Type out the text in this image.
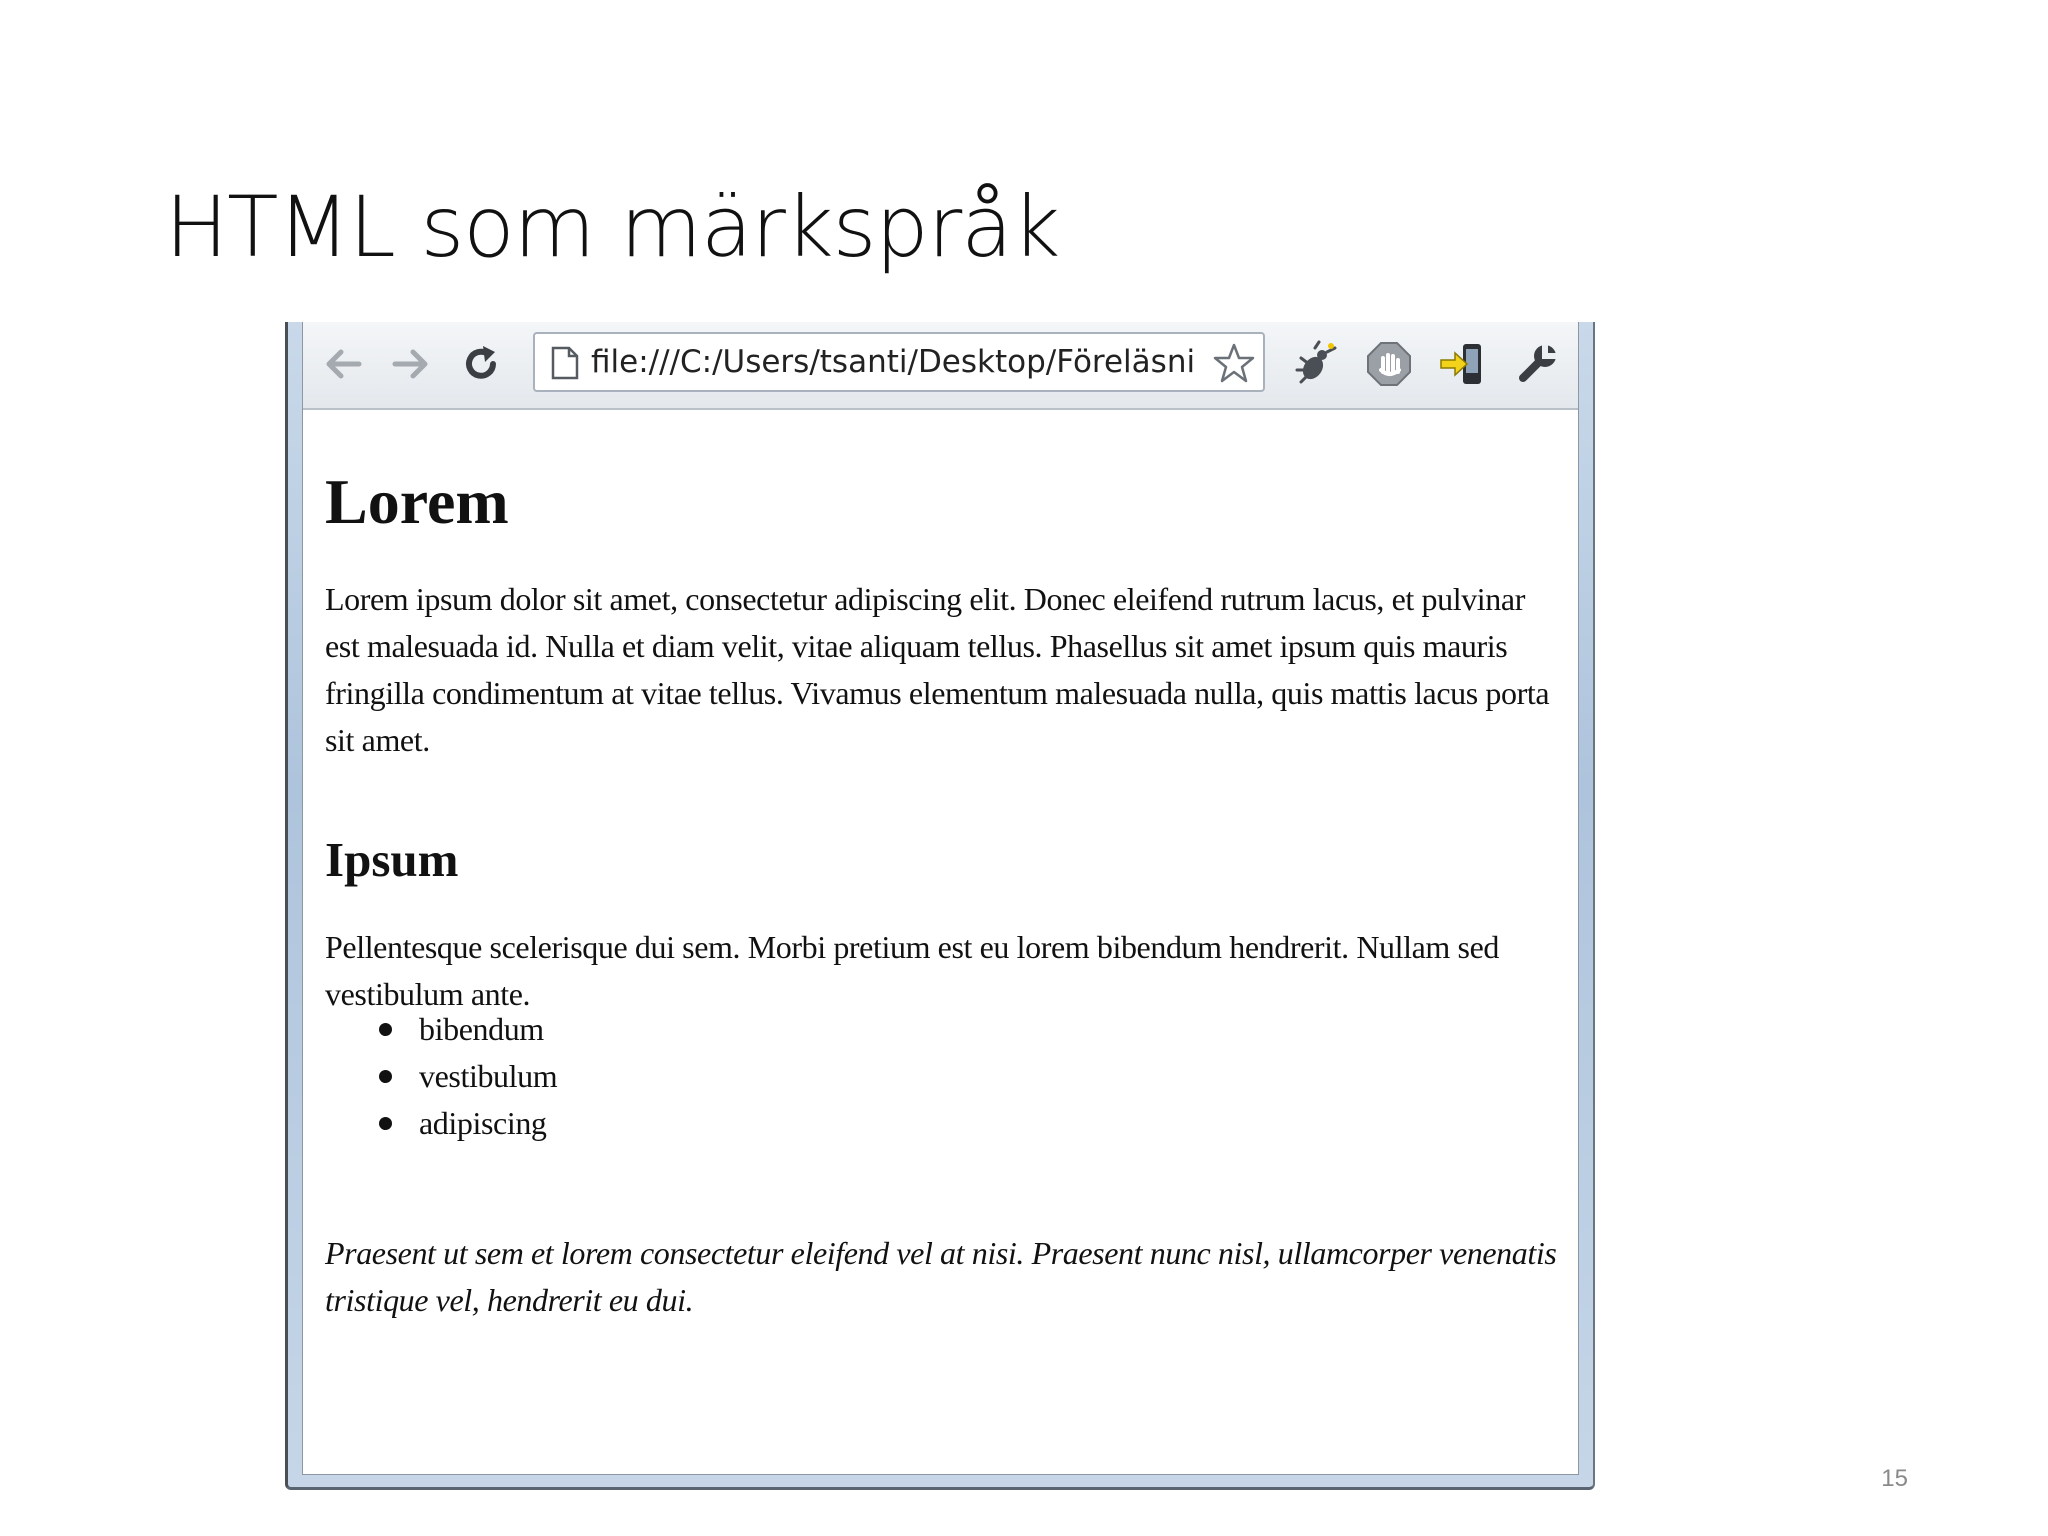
HTML som märkspråk
file:///C:/Users/tsanti/Desktop/Föreläsni
Lorem

Lorem ipsum dolor sit amet, consectetur adipiscing elit. Donec eleifend rutrum lacus, et pulvinar est malesuada id. Nulla et diam velit, vitae aliquam tellus. Phasellus sit amet ipsum quis mauris fringilla condimentum at vitae tellus. Vivamus elementum malesuada nulla, quis mattis lacus porta sit amet.

Ipsum

Pellentesque scelerisque dui sem. Morbi pretium est eu lorem bibendum hendrerit. Nullam sed vestibulum ante.

bibendum
vestibulum
adipiscing

Praesent ut sem et lorem consectetur eleifend vel at nisi. Praesent nunc nisl, ullamcorper venenatis tristique vel, hendrerit eu dui.

15
